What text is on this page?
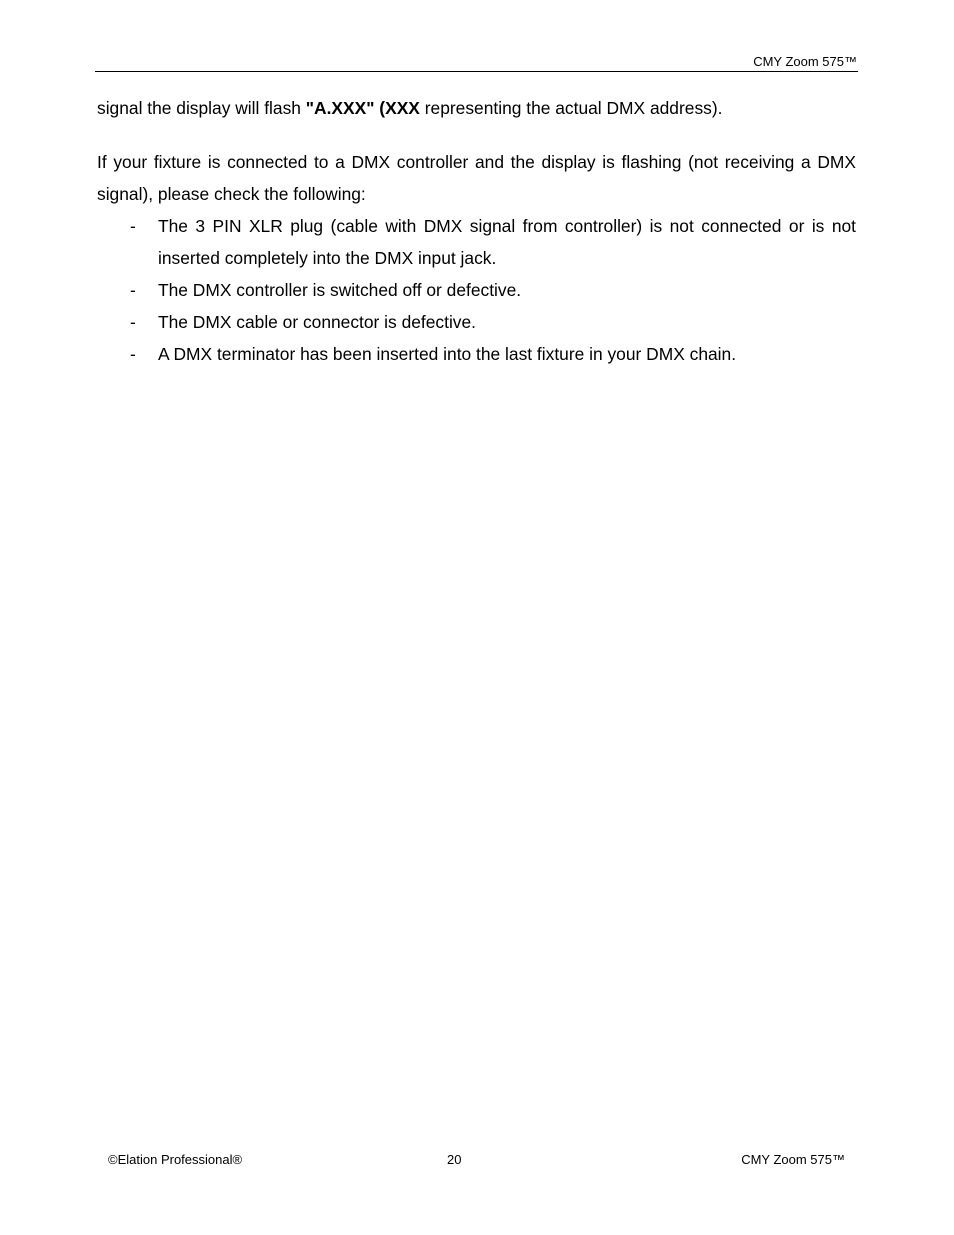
CMY Zoom 575™

signal the display will flash "A.XXX" (XXX representing the actual DMX address).

If your fixture is connected to a DMX controller and the display is flashing (not receiving a DMX signal), please check the following:

- The 3 PIN XLR plug (cable with DMX signal from controller) is not connected or is not inserted completely into the DMX input jack.
- The DMX controller is switched off or defective.
- The DMX cable or connector is defective.
- A DMX terminator has been inserted into the last fixture in your DMX chain.
©Elation Professional®	20	CMY Zoom 575™
